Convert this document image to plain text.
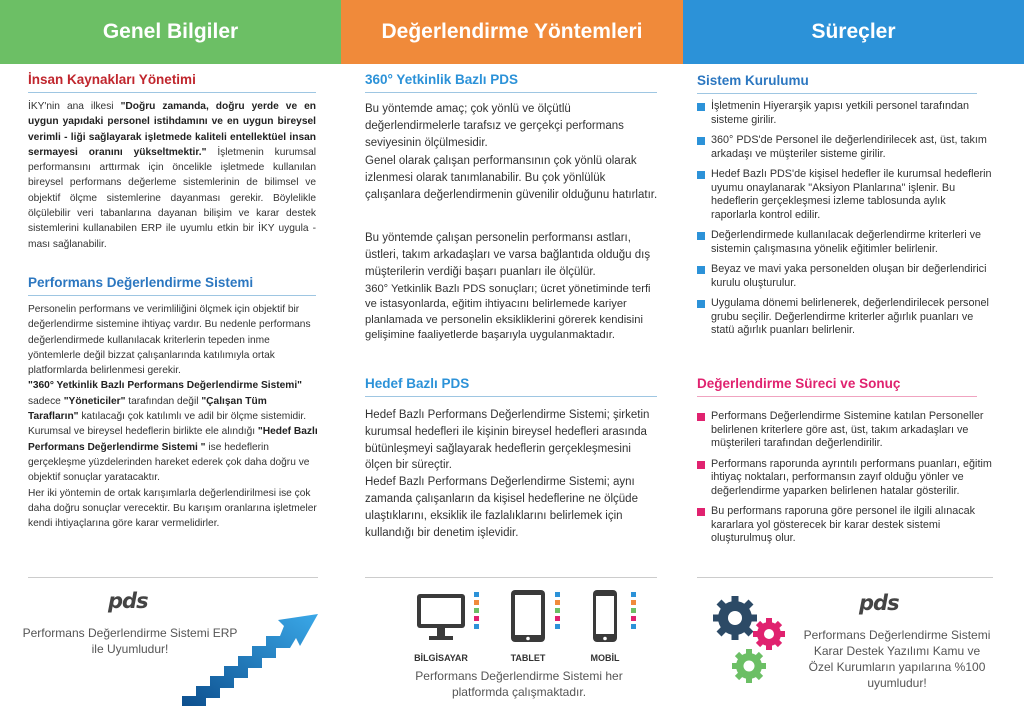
Genel Bilgiler	Değerlendirme Yöntemleri	Süreçler
İnsan Kaynakları Yönetimi

İKY'nin ana ilkesi "Doğru zamanda, doğru yerde ve en uygun yapıdaki personel istihdamını ve en uygun bireysel verimli - liği sağlayarak işletmede kaliteli entellektüel insan sermayesi oranını yükseltmektir." İşletmenin kurumsal performansını arttırmak için öncelikle işletmede kullanılan bireysel performans değerleme sistemlerinin de bilimsel ve objektif ölçme sistemlerine dayanması gerekir. Böylelikle ölçülebilir veri tabanlarına dayanan bilişim ve karar destek sistemlerini kullanabilen ERP ile uyumlu etkin bir İKY uygula - ması sağlanabilir.

Performans Değerlendirme Sistemi

Personelin performans ve verimliliğini ölçmek için objektif bir değerlendirme sistemine ihtiyaç vardır. Bu nedenle performans değerlendirmede kullanılacak kriterlerin tepeden inme yöntemlerle değil bizzat çalışanlarında katılımıyla ortak platformlarda belirlenmesi gerekir.

"360° Yetkinlik Bazlı Performans Değerlendirme Sistemi" sadece "Yöneticiler" tarafından değil "Çalışan Tüm Tarafların" katılacağı çok katılımlı ve adil bir ölçme sistemidir.

Kurumsal ve bireysel hedeflerin birlikte ele alındığı "Hedef Bazlı Performans Değerlendirme Sistemi " ise hedeflerin gerçekleşme yüzdelerinden hareket ederek çok daha doğru ve objektif sonuçlar yaratacaktır.

Her iki yöntemin de ortak karışımlarla değerlendirilmesi ise çok daha doğru sonuçlar verecektir. Bu karışım oranlarına işletmeler kendi ihtiyaçlarına göre karar vermelidirler.

pds
Performans Değerlendirme Sistemi ERP ile Uyumludur!
360° Yetkinlik Bazlı PDS

Bu yöntemde amaç; çok yönlü ve ölçütlü değerlendirmelerle tarafsız ve gerçekçi performans seviyesinin ölçülmesidir.

Genel olarak çalışan performansının çok yönlü olarak izlenmesi olarak tanımlanabilir. Bu çok yönlülük çalışanlara değerlendirmenin güvenilir olduğunu hatırlatır.

Bu yöntemde çalışan personelin performansı astları, üstleri, takım arkadaşları ve varsa bağlantıda olduğu dış müşterilerin verdiği başarı puanları ile ölçülür.

360° Yetkinlik Bazlı PDS sonuçları; ücret yönetiminde terfi ve istasyonlarda, eğitim ihtiyacını belirlemede kariyer planlamada ve personelin eksikliklerini görerek kendisini gelişimine faaliyetlerde başarıyla uygulanmaktadır.

Hedef Bazlı PDS

Hedef Bazlı Performans Değerlendirme Sistemi; şirketin kurumsal hedefleri ile kişinin bireysel hedefleri arasında bütünleşmeyi sağlayarak hedeflerin gerçekleşmesini ölçen bir süreçtir.

Hedef Bazlı Performans Değerlendirme Sistemi; aynı zamanda çalışanların da kişisel hedeflerine ne ölçüde ulaştıklarını, eksiklik ile fazlalıklarını belirlemek için kullandığı bir denetim işlevidir.

BİLGİSAYAR	TABLET	MOBİL
Performans Değerlendirme Sistemi her platformda çalışmaktadır.
Sistem Kurulumu
İşletmenin Hiyerarşik yapısı yetkili personel tarafından sisteme girilir.
360° PDS'de Personel ile değerlendirilecek ast, üst, takım arkadaşı ve müşteriler sisteme girilir.
Hedef Bazlı PDS'de kişisel hedefler ile kurumsal hedeflerin uyumu onaylanarak "Aksiyon Planlarına" işlenir. Bu hedeflerin gerçekleşmesi izleme tablosunda aylık raporlarla kontrol edilir.
Değerlendirmede kullanılacak değerlendirme kriterleri ve sistemin çalışmasına yönelik eğitimler belirlenir.
Beyaz ve mavi yaka personelden oluşan bir değerlendirici kurulu oluşturulur.
Uygulama dönemi belirlenerek, değerlendirilecek personel grubu seçilir. Değerlendirme kriterler ağırlık puanları ve statü ağırlık puanları belirlenir.
Değerlendirme Süreci ve Sonuç
Performans Değerlendirme Sistemine katılan Personeller belirlenen kriterlere göre ast, üst, takım arkadaşları ve müşterileri tarafından değerlendirilir.
Performans raporunda ayrıntılı performans puanları, eğitim ihtiyaç noktaları, performansın zayıf olduğu yönler ve değerlendirme yaparken belirlenen hatalar gösterilir.
Bu performans raporuna göre personel ile ilgili alınacak kararlara yol gösterecek bir karar destek sistemi oluşturulmuş olur.
pds
Performans Değerlendirme Sistemi Karar Destek Yazılımı Kamu ve Özel Kurumların yapılarına %100 uyumludur!
